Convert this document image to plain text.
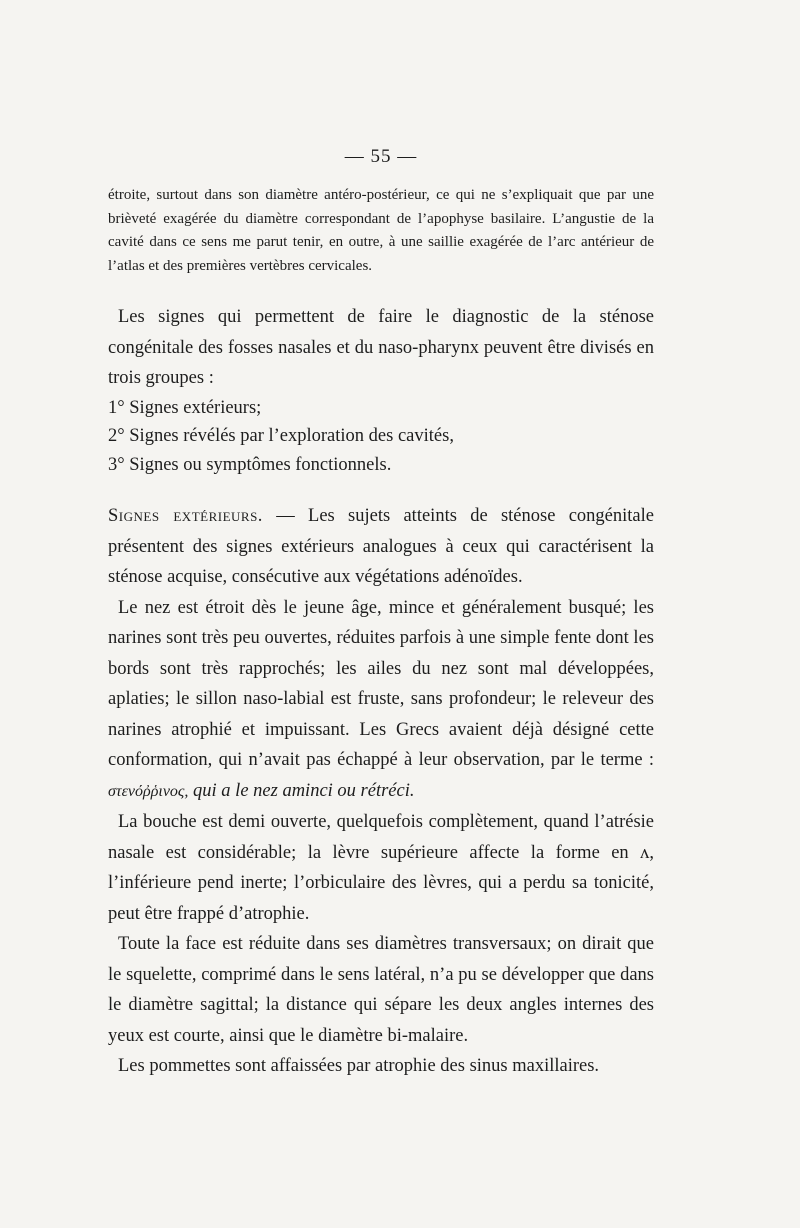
— 55 —

étroite, surtout dans son diamètre antéro-postérieur, ce qui ne s’expliquait que par une brièveté exagérée du diamètre correspondant de l’apophyse basilaire. L’angustie de la cavité dans ce sens me parut tenir, en outre, à une saillie exagérée de l’arc antérieur de l’atlas et des premières vertèbres cervicales.

Les signes qui permettent de faire le diagnostic de la sténose congénitale des fosses nasales et du naso-pharynx peuvent être divisés en trois groupes :

1° Signes extérieurs;
2° Signes révélés par l’exploration des cavités,
3° Signes ou symptômes fonctionnels.

Signes extérieurs. — Les sujets atteints de sténose congénitale présentent des signes extérieurs analogues à ceux qui caractérisent la sténose acquise, consécutive aux végétations adénoïdes.

Le nez est étroit dès le jeune âge, mince et généralement busqué; les narines sont très peu ouvertes, réduites parfois à une simple fente dont les bords sont très rapprochés; les ailes du nez sont mal développées, aplaties; le sillon naso-labial est fruste, sans profondeur; le releveur des narines atrophié et impuissant. Les Grecs avaient déjà désigné cette conformation, qui n’avait pas échappé à leur observation, par le terme : στενόῤῥινος, qui a le nez aminci ou rétréci.

La bouche est demi ouverte, quelquefois complètement, quand l’atrésie nasale est considérable; la lèvre supérieure affecte la forme en ʌ, l’inférieure pend inerte; l’orbiculaire des lèvres, qui a perdu sa tonicité, peut être frappé d’atrophie.

Toute la face est réduite dans ses diamètres transversaux; on dirait que le squelette, comprimé dans le sens latéral, n’a pu se développer que dans le diamètre sagittal; la distance qui sépare les deux angles internes des yeux est courte, ainsi que le diamètre bi-malaire.

Les pommettes sont affaissées par atrophie des sinus maxillaires.
